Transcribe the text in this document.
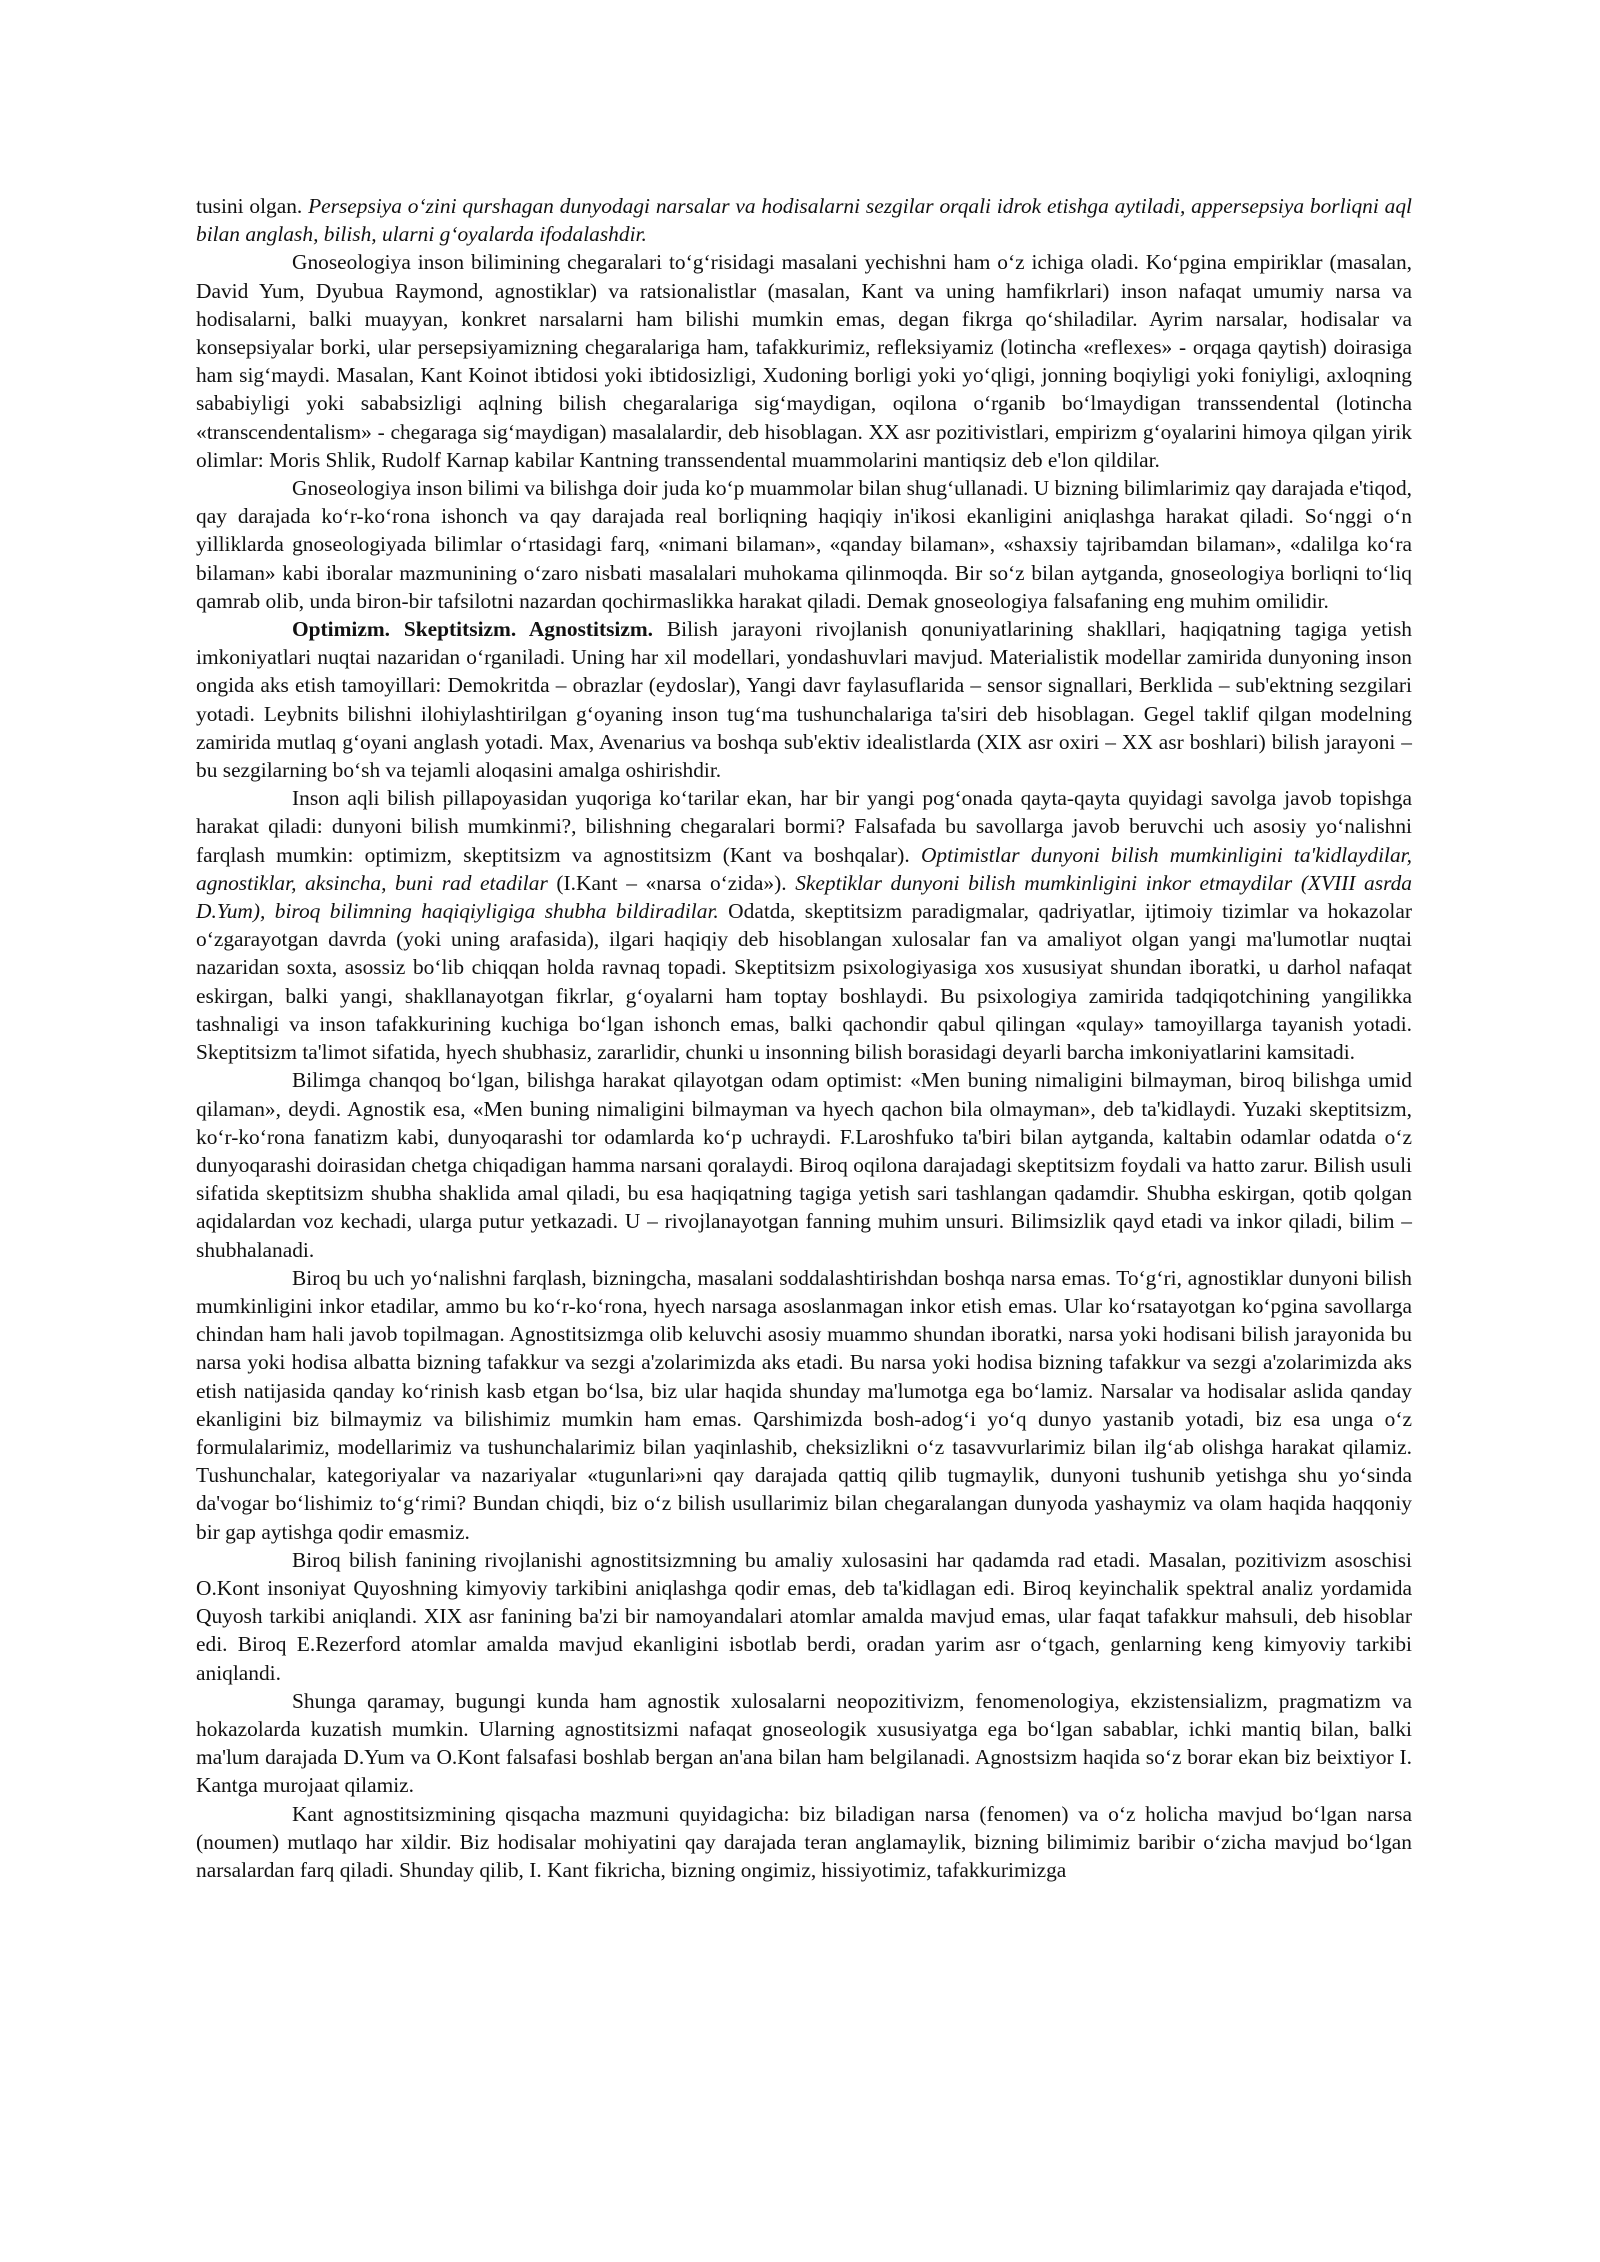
tusini olgan. Persepsiya o‘zini qurshagan dunyodagi narsalar va hodisalarni sezgilar orqali idrok etishga aytiladi, appersepsiya borliqni aql bilan anglash, bilish, ularni g‘oyalarda ifodalashdir.

Gnoseologiya inson bilimining chegaralari to‘g‘risidagi masalani yechishni ham o‘z ichiga oladi. Ko‘pgina empiriklar (masalan, David Yum, Dyubua Raymond, agnostiklar) va ratsionalistlar (masalan, Kant va uning hamfikrlari) inson nafaqat umumiy narsa va hodisalarni, balki muayyan, konkret narsalarni ham bilishi mumkin emas, degan fikrga qo‘shiladilar. Ayrim narsalar, hodisalar va konsepsiyalar borki, ular persepsiyamizning chegaralariga ham, tafakkurimiz, refleksiyamiz (lotincha «reflexes» - orqaga qaytish) doirasiga ham sig‘maydi. Masalan, Kant Koinot ibtidosi yoki ibtidosizligi, Xudoning borligi yoki yo‘qligi, jonning boqiyligi yoki foniyligi, axloqning sababiyligi yoki sababsizligi aqlning bilish chegaralariga sig‘maydigan, oqilona o‘rganib bo‘lmaydigan transsendental (lotincha «transcendentalism» - chegaraga sig‘maydigan) masalalardir, deb hisoblagan. XX asr pozitivistlari, empirizm g‘oyalarini himoya qilgan yirik olimlar: Moris Shlik, Rudolf Karnap kabilar Kantning transsendental muammolarini mantiqsiz deb e'lon qildilar.

Gnoseologiya inson bilimi va bilishga doir juda ko‘p muammolar bilan shug‘ullanadi. U bizning bilimlarimiz qay darajada e'tiqod, qay darajada ko‘r-ko‘rona ishonch va qay darajada real borliqning haqiqiy in'ikosi ekanligini aniqlashga harakat qiladi. So‘nggi o‘n yilliklarda gnoseologiyada bilimlar o‘rtasidagi farq, «nimani bilaman», «qanday bilaman», «shaxsiy tajribamdan bilaman», «dalilga ko‘ra bilaman» kabi iboralar mazmunining o‘zaro nisbati masalalari muhokama qilinmoqda. Bir so‘z bilan aytganda, gnoseologiya borliqni to‘liq qamrab olib, unda biron-bir tafsilotni nazardan qochirmaslikka harakat qiladi. Demak gnoseologiya falsafaning eng muhim omilidir.

Optimizm. Skeptitsizm. Agnostitsizm. Bilish jarayoni rivojlanish qonuniyatlarining shakllari, haqiqatning tagiga yetish imkoniyatlari nuqtai nazaridan o‘rganiladi. Uning har xil modellari, yondashuvlari mavjud. Materialistik modellar zamirida dunyoning inson ongida aks etish tamoyillari: Demokritda – obrazlar (eydoslar), Yangi davr faylasuflarida – sensor signallari, Berklida – sub'ektning sezgilari yotadi. Leybnits bilishni ilohiylashtirilgan g‘oyaning inson tug‘ma tushunchalariga ta'siri deb hisoblagan. Gegel taklif qilgan modelning zamirida mutlaq g‘oyani anglash yotadi. Max, Avenarius va boshqa sub'ektiv idealistlarda (XIX asr oxiri – XX asr boshlari) bilish jarayoni – bu sezgilarning bo‘sh va tejamli aloqasini amalga oshirishdir.

Inson aqli bilish pillapoyasidan yuqoriga ko‘tarilar ekan, har bir yangi pog‘onada qayta-qayta quyidagi savolga javob topishga harakat qiladi: dunyoni bilish mumkinmi?, bilishning chegaralari bormi? Falsafada bu savollarga javob beruvchi uch asosiy yo‘nalishni farqlash mumkin: optimizm, skeptitsizm va agnostitsizm (Kant va boshqalar). Optimistlar dunyoni bilish mumkinligini ta'kidlaydilar, agnostiklar, aksincha, buni rad etadilar (I.Kant – «narsa o‘zida»). Skeptiklar dunyoni bilish mumkinligini inkor etmaydilar (XVIII asrda D.Yum), biroq bilimning haqiqiyligiga shubha bildiradilar. Odatda, skeptitsizm paradigmalar, qadriyatlar, ijtimoiy tizimlar va hokazolar o‘zgarayotgan davrda (yoki uning arafasida), ilgari haqiqiy deb hisoblangan xulosalar fan va amaliyot olgan yangi ma'lumotlar nuqtai nazaridan soxta, asossiz bo‘lib chiqqan holda ravnaq topadi. Skeptitsizm psixologiyasiga xos xususiyat shundan iboratki, u darhol nafaqat eskirgan, balki yangi, shakllanayotgan fikrlar, g‘oyalarni ham toptay boshlaydi. Bu psixologiya zamirida tadqiqotchining yangilikka tashnaligi va inson tafakkurining kuchiga bo‘lgan ishonch emas, balki qachondir qabul qilingan «qulay» tamoyillarga tayanish yotadi. Skeptitsizm ta'limot sifatida, hyech shubhasiz, zararlidir, chunki u insonning bilish borasidagi deyarli barcha imkoniyatlarini kamsitadi.

Bilimga chanqoq bo‘lgan, bilishga harakat qilayotgan odam optimist: «Men buning nimaligini bilmayman, biroq bilishga umid qilaman», deydi. Agnostik esa, «Men buning nimaligini bilmayman va hyech qachon bila olmayman», deb ta'kidlaydi. Yuzaki skeptitsizm, ko‘r-ko‘rona fanatizm kabi, dunyoqarashi tor odamlarda ko‘p uchraydi. F.Laroshfuko ta'biri bilan aytganda, kaltabin odamlar odatda o‘z dunyoqarashi doirasidan chetga chiqadigan hamma narsani qoralaydi. Biroq oqilona darajadagi skeptitsizm foydali va hatto zarur. Bilish usuli sifatida skeptitsizm shubha shaklida amal qiladi, bu esa haqiqatning tagiga yetish sari tashlangan qadamdir. Shubha eskirgan, qotib qolgan aqidalardan voz kechadi, ularga putur yetkazadi. U – rivojlanayotgan fanning muhim unsuri. Bilimsizlik qayd etadi va inkor qiladi, bilim – shubhalanadi.

Biroq bu uch yo‘nalishni farqlash, bizningcha, masalani soddalashtirishdan boshqa narsa emas. To‘g‘ri, agnostiklar dunyoni bilish mumkinligini inkor etadilar, ammo bu ko‘r-ko‘rona, hyech narsaga asoslanmagan inkor etish emas. Ular ko‘rsatayotgan ko‘pgina savollarga chindan ham hali javob topilmagan. Agnostitsizmga olib keluvchi asosiy muammo shundan iboratki, narsa yoki hodisani bilish jarayonida bu narsa yoki hodisa albatta bizning tafakkur va sezgi a'zolarimizda aks etadi. Bu narsa yoki hodisa bizning tafakkur va sezgi a'zolarimizda aks etish natijasida qanday ko‘rinish kasb etgan bo‘lsa, biz ular haqida shunday ma'lumotga ega bo‘lamiz. Narsalar va hodisalar aslida qanday ekanligini biz bilmaymiz va bilishimiz mumkin ham emas. Qarshimizda bosh-adog‘i yo‘q dunyo yastanib yotadi, biz esa unga o‘z formulalarimiz, modellarimiz va tushunchalarimiz bilan yaqinlashib, cheksizlikni o‘z tasavvurlarimiz bilan ilg‘ab olishga harakat qilamiz. Tushunchalar, kategoriyalar va nazariyalar «tugunlari»ni qay darajada qattiq qilib tugmaylik, dunyoni tushunib yetishga shu yo‘sinda da'vogar bo‘lishimiz to‘g‘rimi? Bundan chiqdi, biz o‘z bilish usullarimiz bilan chegaralangan dunyoda yashaymiz va olam haqida haqqoniy bir gap aytishga qodir emasmiz.

Biroq bilish fanining rivojlanishi agnostitsizmning bu amaliy xulosasini har qadamda rad etadi. Masalan, pozitivizm asoschisi O.Kont insoniyat Quyoshning kimyoviy tarkibini aniqlashga qodir emas, deb ta'kidlagan edi. Biroq keyinchalik spektral analiz yordamida Quyosh tarkibi aniqlandi. XIX asr fanining ba'zi bir namoyandalari atomlar amalda mavjud emas, ular faqat tafakkur mahsuli, deb hisoblar edi. Biroq E.Rezerford atomlar amalda mavjud ekanligini isbotlab berdi, oradan yarim asr o‘tgach, genlarning keng kimyoviy tarkibi aniqlandi.

Shunga qaramay, bugungi kunda ham agnostik xulosalarni neopozitivizm, fenomenologiya, ekzistensializm, pragmatizm va hokazolarda kuzatish mumkin. Ularning agnostitsizmi nafaqat gnoseologik xususiyatga ega bo‘lgan sabablar, ichki mantiq bilan, balki ma'lum darajada D.Yum va O.Kont falsafasi boshlab bergan an'ana bilan ham belgilanadi. Agnostsizm haqida so‘z borar ekan biz beixtiyor I. Kantga murojaat qilamiz.

Kant agnostitsizmining qisqacha mazmuni quyidagicha: biz biladigan narsa (fenomen) va o‘z holicha mavjud bo‘lgan narsa (noumen) mutlaqo har xildir. Biz hodisalar mohiyatini qay darajada teran anglamaylik, bizning bilimimiz baribir o‘zicha mavjud bo‘lgan narsalardan farq qiladi. Shunday qilib, I. Kant fikricha, bizning ongimiz, hissiyotimiz, tafakkurimizga
